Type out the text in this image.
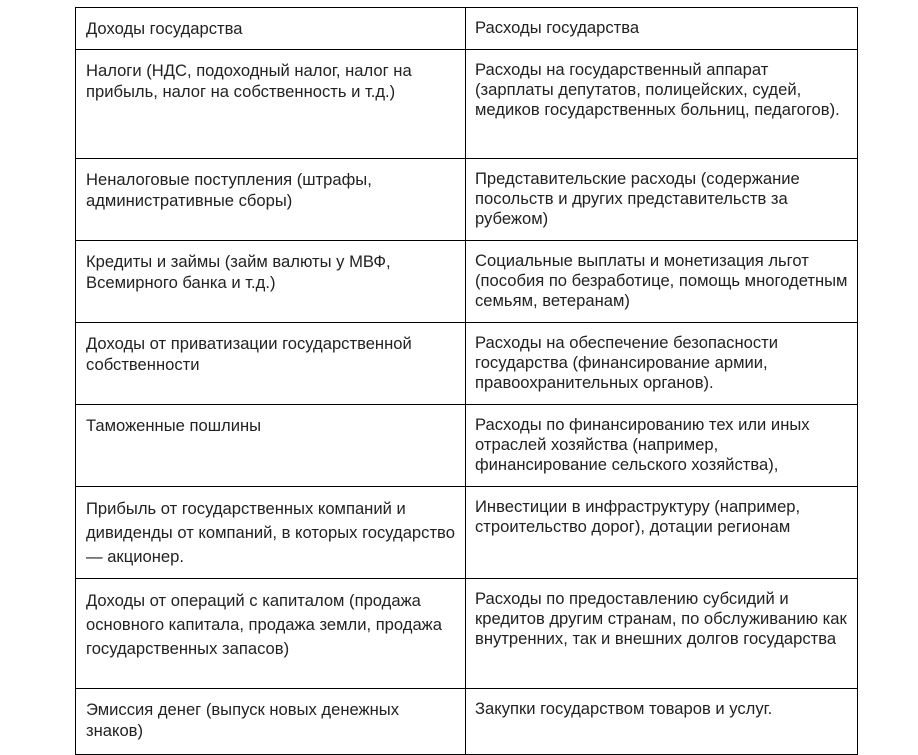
Доходы государства	Расходы государства
Налоги (НДС, подоходный налог, налог на прибыль, налог на собственность и т.д.)	Расходы на государственный аппарат (зарплаты депутатов, полицейских, судей, медиков государственных больниц, педагогов).
Неналоговые поступления (штрафы, административные сборы)	Представительские расходы (содержание посольств и других представительств за рубежом)
Кредиты и займы (займ валюты у МВФ, Всемирного банка и т.д.)	Социальные выплаты и монетизация льгот (пособия по безработице, помощь многодетным семьям, ветеранам)
Доходы от приватизации государственной собственности	Расходы на обеспечение безопасности государства (финансирование армии, правоохранительных органов).
Таможенные пошлины	Расходы по финансированию тех или иных отраслей хозяйства (например, финансирование сельского хозяйства),
Прибыль от государственных компаний и дивиденды от компаний, в которых государство — акционер.	Инвестиции в инфраструктуру (например, строительство дорог), дотации регионам
Доходы от операций с капиталом (продажа основного капитала, продажа земли, продажа государственных запасов)	Расходы по предоставлению субсидий и кредитов другим странам, по обслуживанию как внутренних, так и внешних долгов государства
Эмиссия денег (выпуск новых денежных знаков)	Закупки государством товаров и услуг.
